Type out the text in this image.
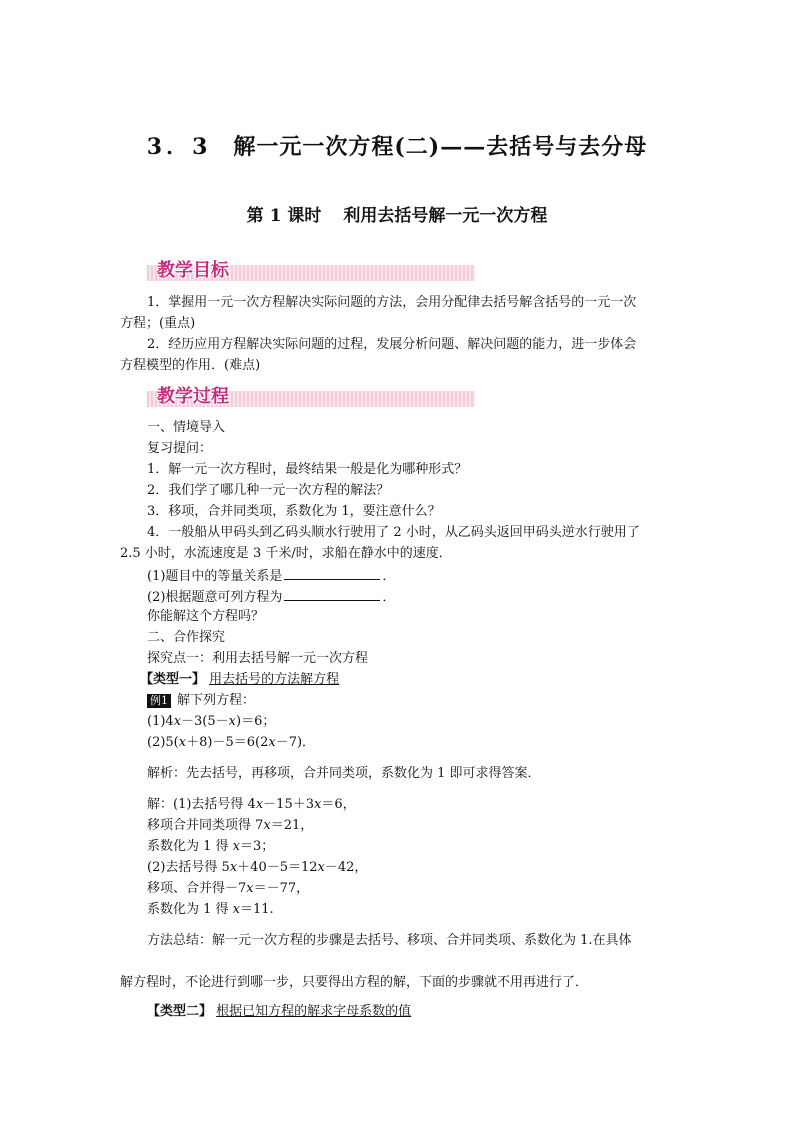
3．3 解一元一次方程(二)——去括号与去分母
第 1 课时 利用去括号解一元一次方程
教学目标
1．掌握用一元一次方程解决实际问题的方法，会用分配律去括号解含括号的一元一次
方程；(重点)
2．经历应用方程解决实际问题的过程，发展分析问题、解决问题的能力，进一步体会
方程模型的作用．(难点)
教学过程
一、情境导入
复习提问：
1．解一元一次方程时，最终结果一般是化为哪种形式？
2．我们学了哪几种一元一次方程的解法？
3．移项，合并同类项，系数化为 1，要注意什么？
4．一般船从甲码头到乙码头顺水行驶用了 2 小时，从乙码头返回甲码头逆水行驶用了
2.5 小时，水流速度是 3 千米/时，求船在静水中的速度．
(1)题目中的等量关系是	．
(2)根据题意可列方程为	．
你能解这个方程吗？
二、合作探究
探究点一：利用去括号解一元一次方程
【类型一】 用去括号的方法解方程
例1 解下列方程：
(1)4x－3(5－x)＝6；
(2)5(x＋8)－5＝6(2x－7)．
解析：先去括号，再移项，合并同类项，系数化为 1 即可求得答案．
解：(1)去括号得 4x－15＋3x＝6，
移项合并同类项得 7x＝21，
系数化为 1 得 x＝3；
(2)去括号得 5x＋40－5＝12x－42，
移项、合并得－7x＝－77，
系数化为 1 得 x＝11.
方法总结：解一元一次方程的步骤是去括号、移项、合并同类项、系数化为 1.在具体
解方程时，不论进行到哪一步，只要得出方程的解，下面的步骤就不用再进行了．
【类型二】 根据已知方程的解求字母系数的值
